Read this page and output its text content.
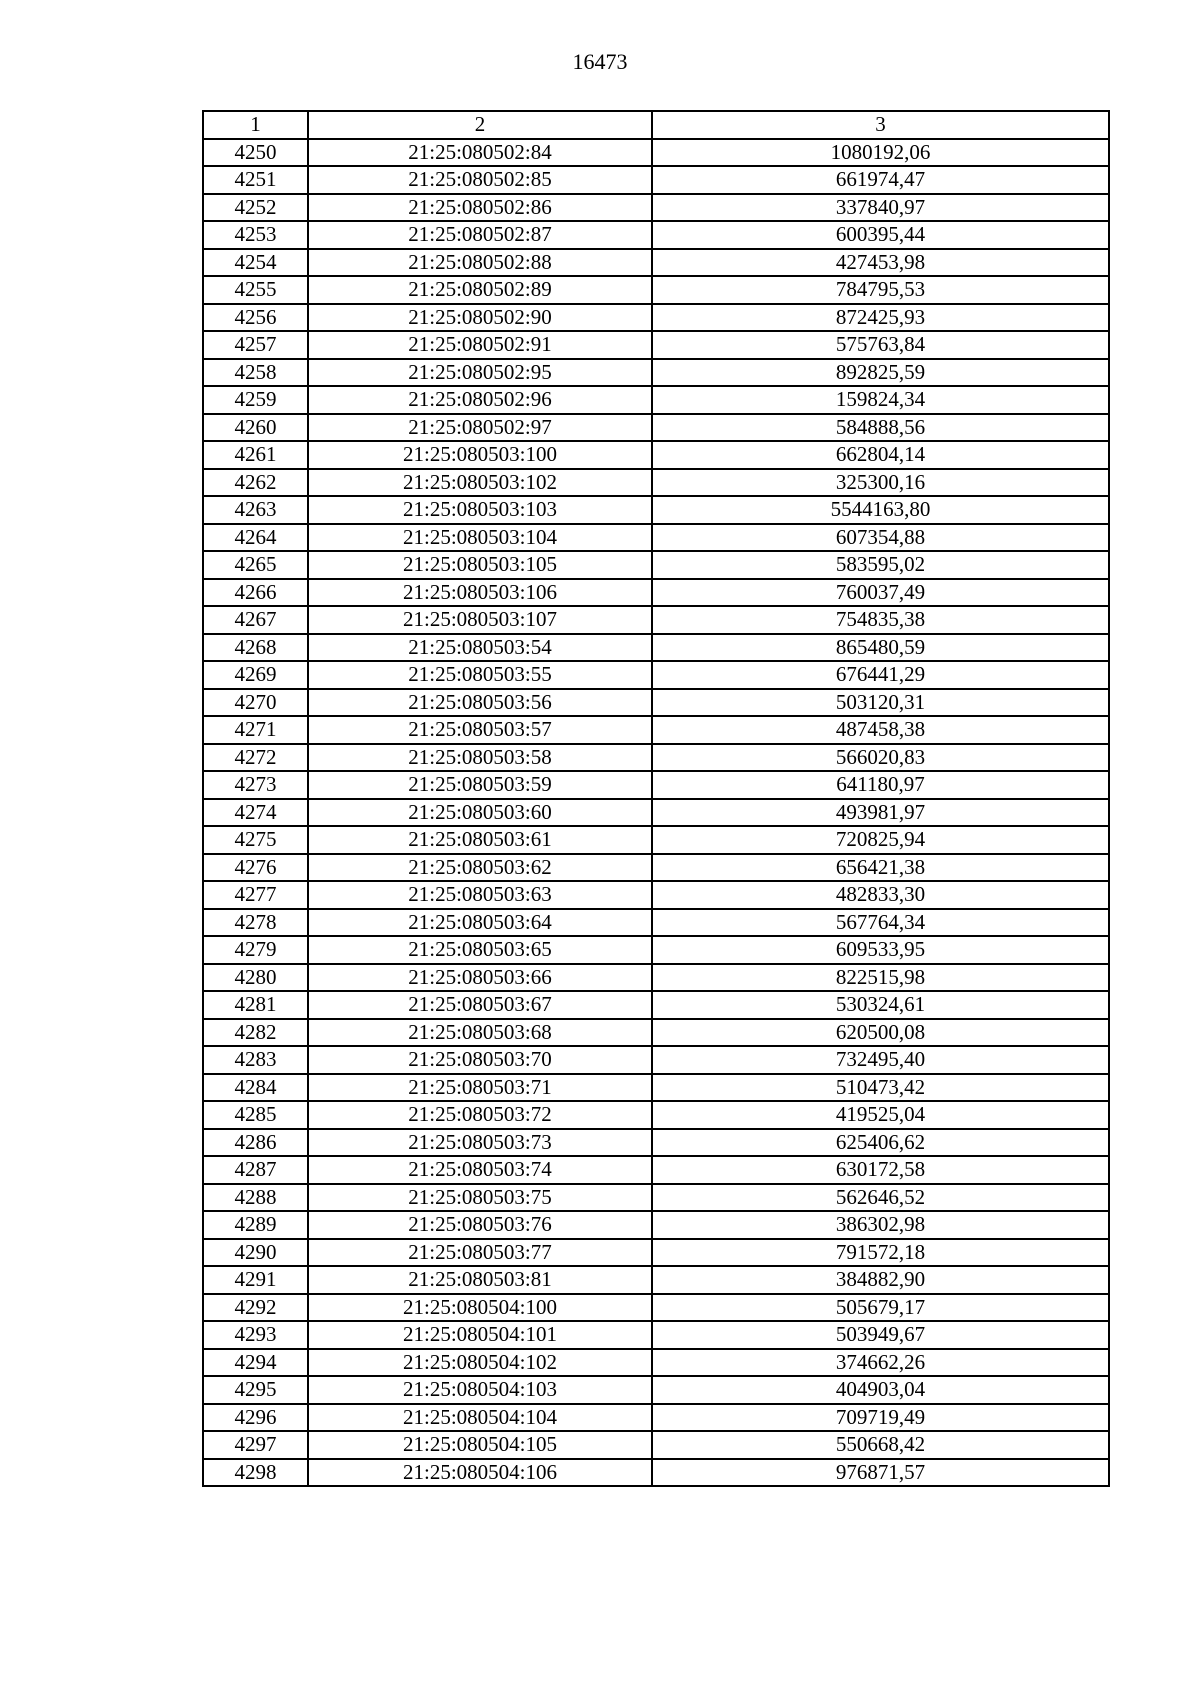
16473
1	2	3
4250	21:25:080502:84	1080192,06
4251	21:25:080502:85	661974,47
4252	21:25:080502:86	337840,97
4253	21:25:080502:87	600395,44
4254	21:25:080502:88	427453,98
4255	21:25:080502:89	784795,53
4256	21:25:080502:90	872425,93
4257	21:25:080502:91	575763,84
4258	21:25:080502:95	892825,59
4259	21:25:080502:96	159824,34
4260	21:25:080502:97	584888,56
4261	21:25:080503:100	662804,14
4262	21:25:080503:102	325300,16
4263	21:25:080503:103	5544163,80
4264	21:25:080503:104	607354,88
4265	21:25:080503:105	583595,02
4266	21:25:080503:106	760037,49
4267	21:25:080503:107	754835,38
4268	21:25:080503:54	865480,59
4269	21:25:080503:55	676441,29
4270	21:25:080503:56	503120,31
4271	21:25:080503:57	487458,38
4272	21:25:080503:58	566020,83
4273	21:25:080503:59	641180,97
4274	21:25:080503:60	493981,97
4275	21:25:080503:61	720825,94
4276	21:25:080503:62	656421,38
4277	21:25:080503:63	482833,30
4278	21:25:080503:64	567764,34
4279	21:25:080503:65	609533,95
4280	21:25:080503:66	822515,98
4281	21:25:080503:67	530324,61
4282	21:25:080503:68	620500,08
4283	21:25:080503:70	732495,40
4284	21:25:080503:71	510473,42
4285	21:25:080503:72	419525,04
4286	21:25:080503:73	625406,62
4287	21:25:080503:74	630172,58
4288	21:25:080503:75	562646,52
4289	21:25:080503:76	386302,98
4290	21:25:080503:77	791572,18
4291	21:25:080503:81	384882,90
4292	21:25:080504:100	505679,17
4293	21:25:080504:101	503949,67
4294	21:25:080504:102	374662,26
4295	21:25:080504:103	404903,04
4296	21:25:080504:104	709719,49
4297	21:25:080504:105	550668,42
4298	21:25:080504:106	976871,57
